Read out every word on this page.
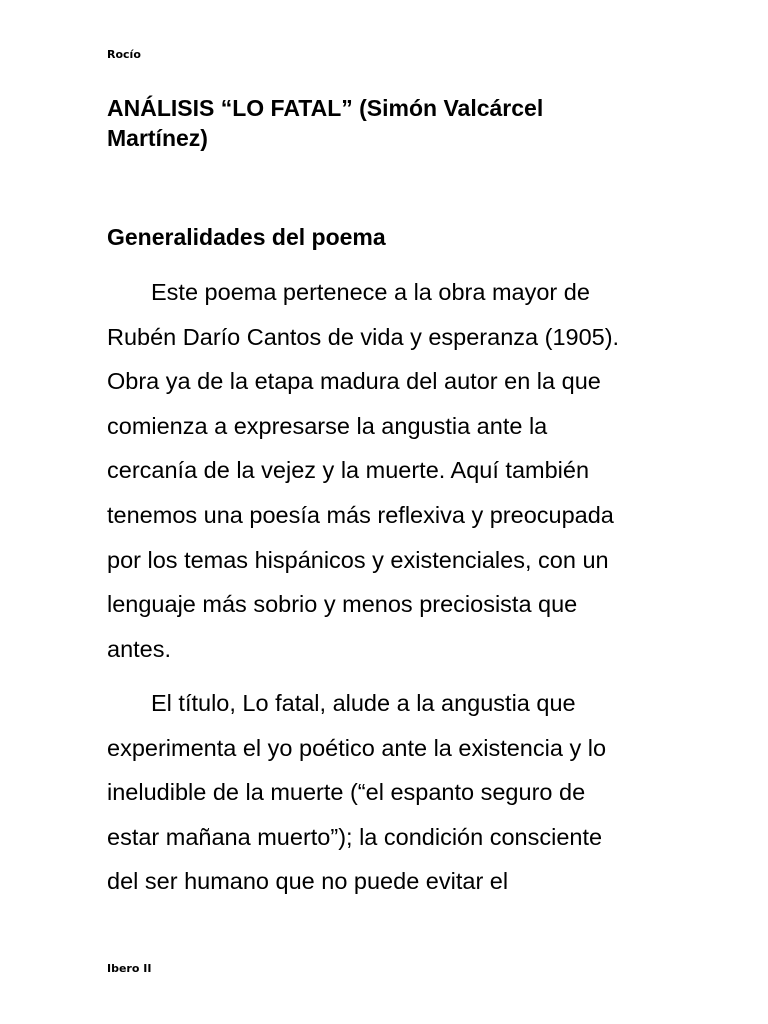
Rocío
ANÁLISIS “LO FATAL” (Simón Valcárcel
Martínez)
Generalidades del poema
Este poema pertenece a la obra mayor de
Rubén Darío Cantos de vida y esperanza (1905).
Obra ya de la etapa madura del autor en la que
comienza a expresarse la angustia ante la
cercanía de la vejez y la muerte. Aquí también
tenemos una poesía más reflexiva y preocupada
por los temas hispánicos y existenciales, con un
lenguaje más sobrio y menos preciosista que
antes.
El título, Lo fatal, alude a la angustia que
experimenta el yo poético ante la existencia y lo
ineludible de la muerte (“el espanto seguro de
estar mañana muerto”); la condición consciente
del ser humano que no puede evitar el
Ibero II
